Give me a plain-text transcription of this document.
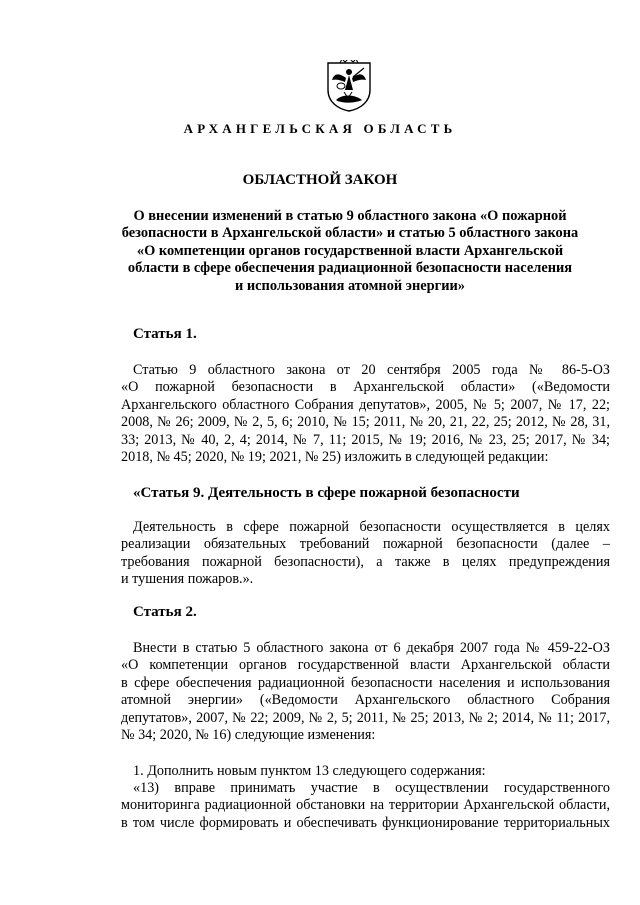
АРХАНГЕЛЬСКАЯ ОБЛАСТЬ
ОБЛАСТНОЙ ЗАКОН
О внесении изменений в статью 9 областного закона «О пожарной
безопасности в Архангельской области» и статью 5 областного закона
«О компетенции органов государственной власти Архангельской
области в сфере обеспечения радиационной безопасности населения
и использования атомной энергии»
Статья 1.
Статью 9 областного закона от 20 сентября 2005 года № 86-5-ОЗ
«О пожарной безопасности в Архангельской области» («Ведомости
Архангельского областного Собрания депутатов», 2005, № 5; 2007, № 17, 22;
2008, № 26; 2009, № 2, 5, 6; 2010, № 15; 2011, № 20, 21, 22, 25; 2012, № 28, 31,
33; 2013, № 40, 2, 4; 2014, № 7, 11; 2015, № 19; 2016, № 23, 25; 2017, № 34;
2018, № 45; 2020, № 19; 2021, № 25) изложить в следующей редакции:
«Статья 9. Деятельность в сфере пожарной безопасности
Деятельность в сфере пожарной безопасности осуществляется в целях
реализации обязательных требований пожарной безопасности (далее –
требования пожарной безопасности), а также в целях предупреждения
и тушения пожаров.».
Статья 2.
Внести в статью 5 областного закона от 6 декабря 2007 года № 459-22-ОЗ
«О компетенции органов государственной власти Архангельской области
в сфере обеспечения радиационной безопасности населения и использования
атомной энергии» («Ведомости Архангельского областного Собрания
депутатов», 2007, № 22; 2009, № 2, 5; 2011, № 25; 2013, № 2; 2014, № 11; 2017,
№ 34; 2020, № 16) следующие изменения:
1. Дополнить новым пунктом 13 следующего содержания:
«13) вправе принимать участие в осуществлении государственного
мониторинга радиационной обстановки на территории Архангельской области,
в том числе формировать и обеспечивать функционирование территориальных
